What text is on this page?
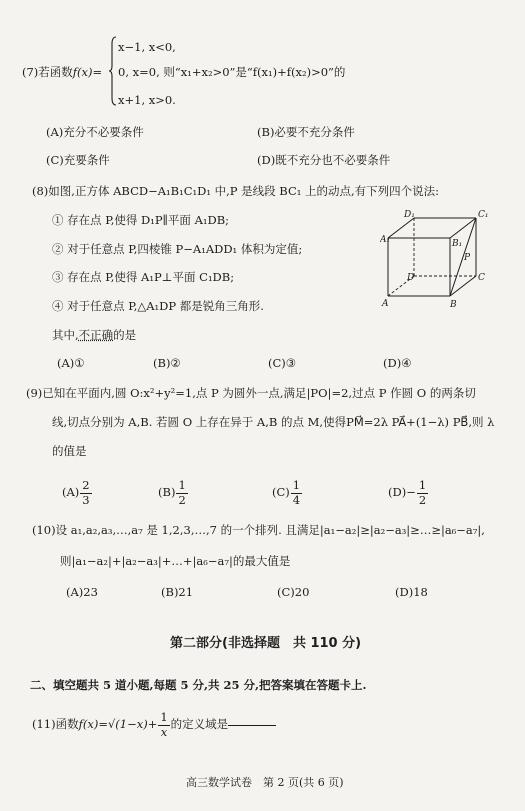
(7)若函数f(x)=
x−1, x<0,
0, x=0, 则“x₁+x₂>0”是“f(x₁)+f(x₂)>0”的
x+1, x>0.
(A)充分不必要条件	(B)必要不充分条件
(C)充要条件	(D)既不充分也不必要条件
(8)如图,正方体 ABCD−A₁B₁C₁D₁ 中,P 是线段 BC₁ 上的动点,有下列四个说法:
① 存在点 P,使得 D₁P∥平面 A₁DB;
② 对于任意点 P,四棱锥 P−A₁ADD₁ 体积为定值;
③ 存在点 P,使得 A₁P⊥平面 C₁DB;
④ 对于任意点 P,△A₁DP 都是锐角三角形.
D₁	C₁
A₁	B₁
P
D	C
A	B
其中,不正确的是
(A)①	(B)②	(C)③	(D)④
(9)已知在平面内,圆 O:x²+y²=1,点 P 为圆外一点,满足|PO|=2,过点 P 作圆 O 的两条切
线,切点分别为 A,B. 若圆 O 上存在异于 A,B 的点 M,使得PM⃗=2λ PA⃗+(1−λ) PB⃗,则 λ
的值是
$(A) \frac{2}{3}$	$(B) \frac{1}{2}$	$(C) \frac{1}{4}$	$(D)- \frac{1}{2}$
(10)设 a₁,a₂,a₃,…,a₇ 是 1,2,3,…,7 的一个排列. 且满足|a₁−a₂|≥|a₂−a₃|≥…≥|a₆−a₇|,
则|a₁−a₂|+|a₂−a₃|+…+|a₆−a₇|的最大值是
(A)23	(B)21	(C)20	(D)18
第二部分(非选择题　共 110 分)
二、填空题共 5 道小题,每题 5 分,共 25 分,把答案填在答题卡上.
(11)函数$f(x)=√(1-x)+ \frac{1}{x}$ 的定义域是
高三数学试卷　第 2 页(共 6 页)
